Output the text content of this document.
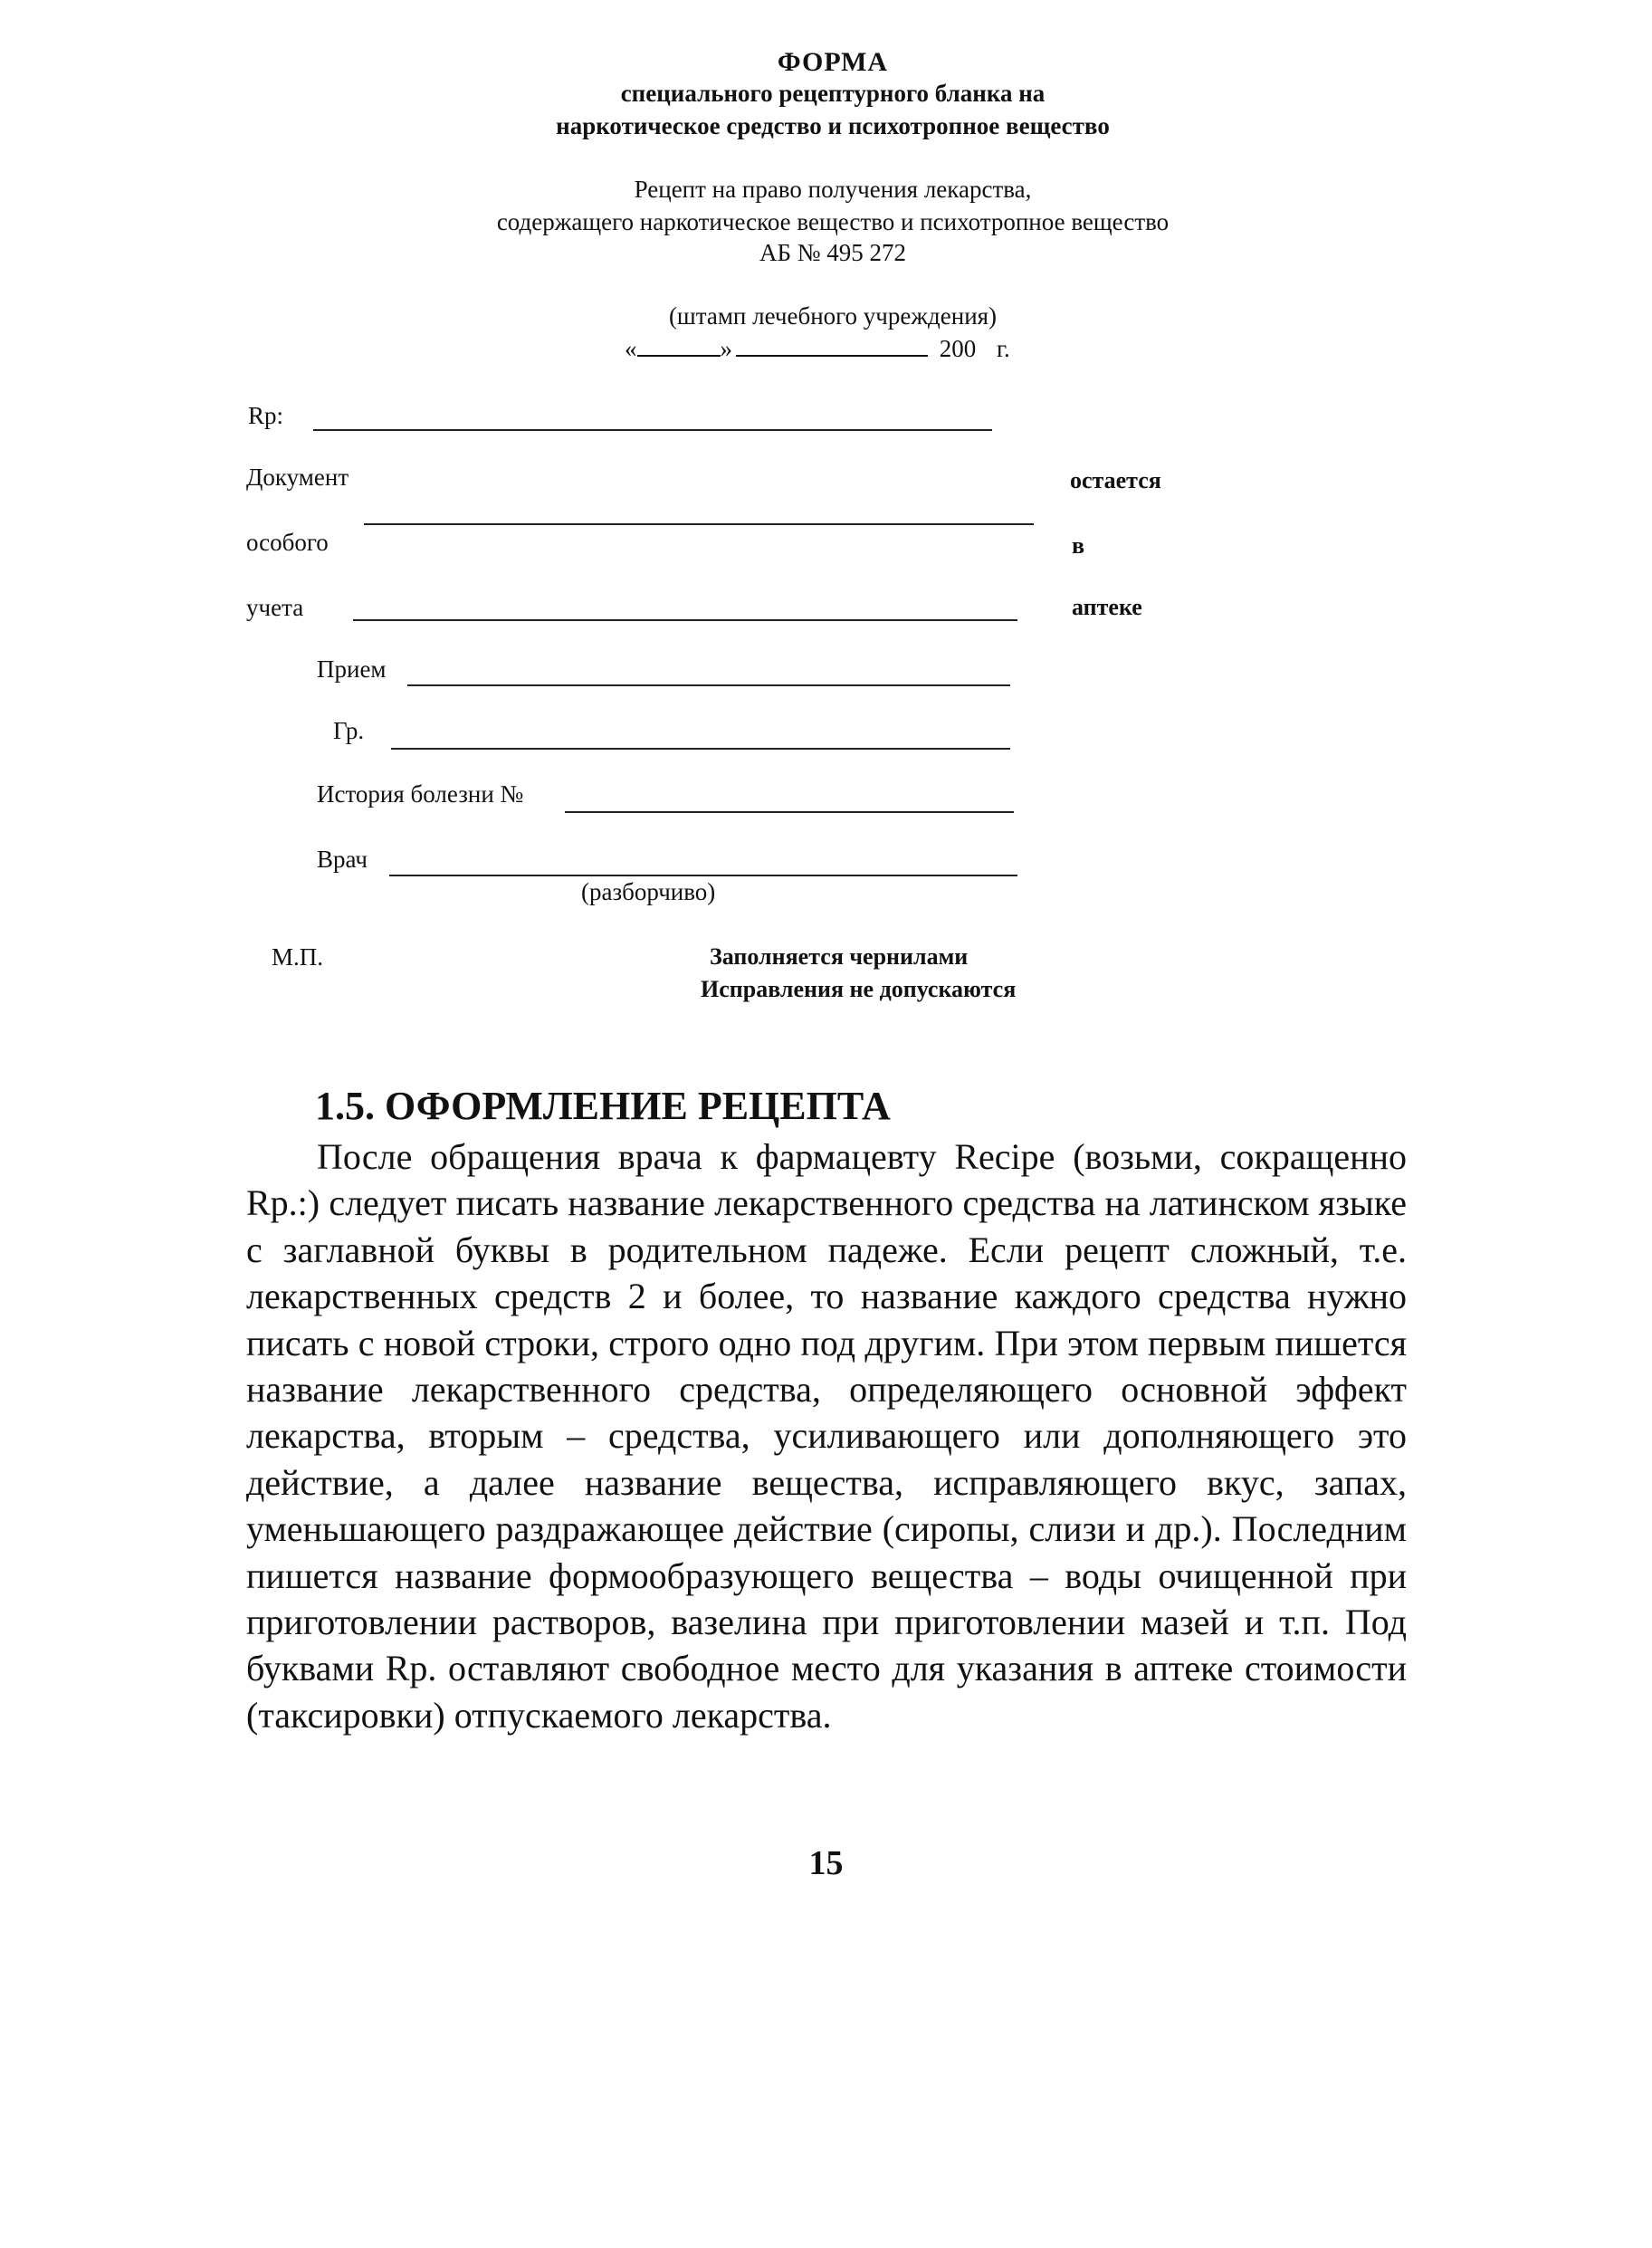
ФОРМА
специального рецептурного бланка на
наркотическое средство и психотропное вещество
Рецепт на право получения лекарства,
содержащего наркотическое вещество и психотропное вещество
АБ № 495 272
(штамп лечебного учреждения)
«	»	200 г.
Rp:
Документ	остается
особого	в
учета	аптеке
Прием
Гр.
История болезни №
Врач
(разборчиво)
М.П.	Заполняется чернилами
Исправления не допускаются
1.5. ОФОРМЛЕНИЕ РЕЦЕПТА

После обращения врача к фармацевту Recipe (возьми, сокращенно Rp.:) следует писать название лекарственного средства на латинском языке с заглавной буквы в родительном падеже. Если рецепт сложный, т.е. лекарственных средств 2 и более, то название каждого средства нужно писать с новой строки, строго одно под другим. При этом первым пишется название лекарственного средства, определяющего основной эффект лекарства, вторым – средства, усиливающего или дополняющего это действие, а далее название вещества, исправляющего вкус, запах, уменьшающего раздражающее действие (сиропы, слизи и др.). Последним пишется название формообразующего вещества – воды очищенной при приготовлении растворов, вазелина при приготовлении мазей и т.п. Под буквами Rp. оставляют свободное место для указания в аптеке стоимости (таксировки) отпускаемого лекарства.

15
